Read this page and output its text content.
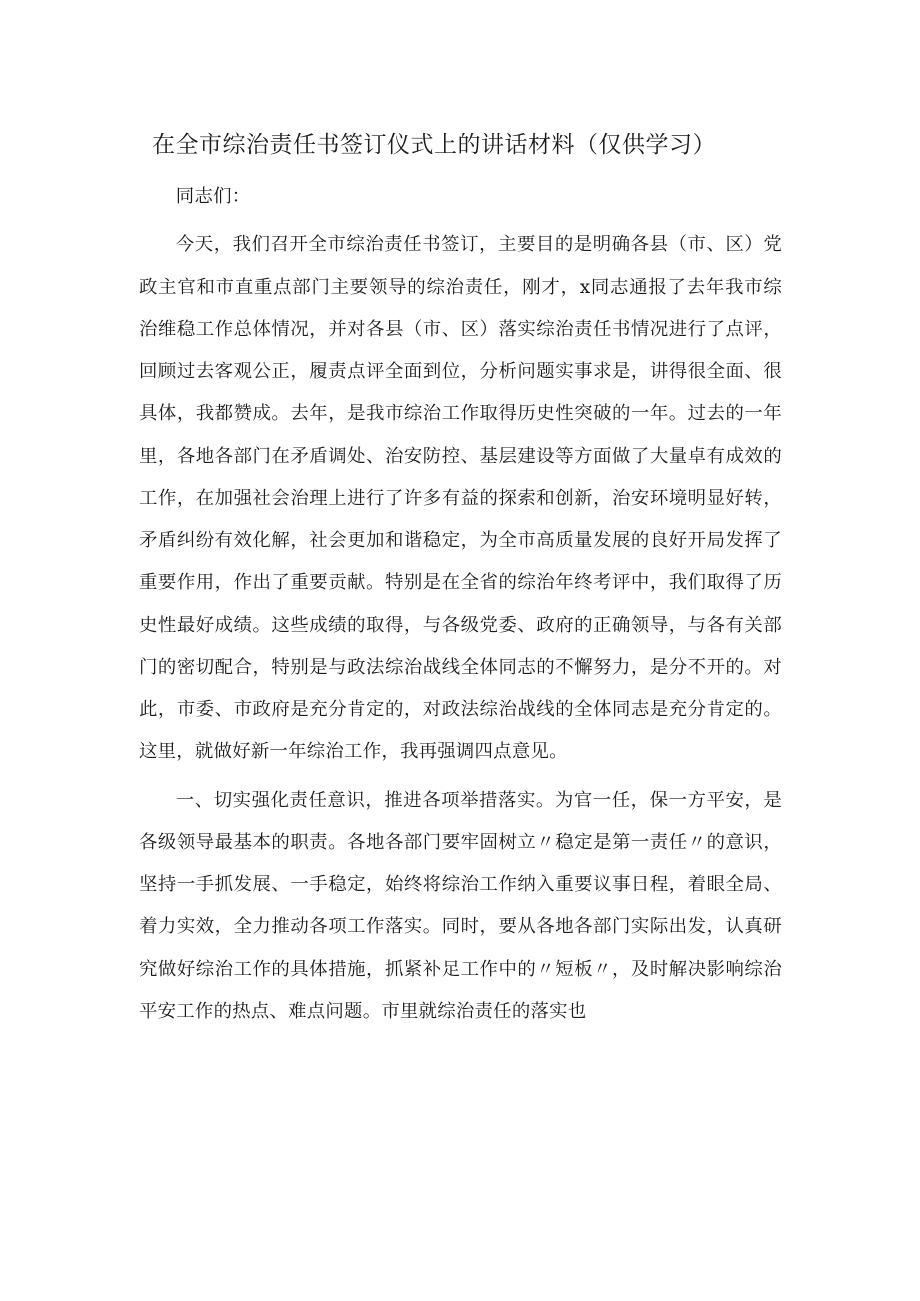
在全市综治责任书签订仪式上的讲话材料（仅供学习）

同志们：

今天，我们召开全市综治责任书签订，主要目的是明确各县（市、区）党政主官和市直重点部门主要领导的综治责任，刚才，x同志通报了去年我市综治维稳工作总体情况，并对各县（市、区）落实综治责任书情况进行了点评，回顾过去客观公正，履责点评全面到位，分析问题实事求是，讲得很全面、很具体，我都赞成。去年，是我市综治工作取得历史性突破的一年。过去的一年里，各地各部门在矛盾调处、治安防控、基层建设等方面做了大量卓有成效的工作，在加强社会治理上进行了许多有益的探索和创新，治安环境明显好转，矛盾纠纷有效化解，社会更加和谐稳定，为全市高质量发展的良好开局发挥了重要作用，作出了重要贡献。特别是在全省的综治年终考评中，我们取得了历史性最好成绩。这些成绩的取得，与各级党委、政府的正确领导，与各有关部门的密切配合，特别是与政法综治战线全体同志的不懈努力，是分不开的。对此，市委、市政府是充分肯定的，对政法综治战线的全体同志是充分肯定的。这里，就做好新一年综治工作，我再强调四点意见。

一、切实强化责任意识，推进各项举措落实。为官一任，保一方平安，是各级领导最基本的职责。各地各部门要牢固树立〃稳定是第一责任〃的意识，坚持一手抓发展、一手稳定，始终将综治工作纳入重要议事日程，着眼全局、着力实效，全力推动各项工作落实。同时，要从各地各部门实际出发，认真研究做好综治工作的具体措施，抓紧补足工作中的〃短板〃，及时解决影响综治平安工作的热点、难点问题。市里就综治责任的落实也
